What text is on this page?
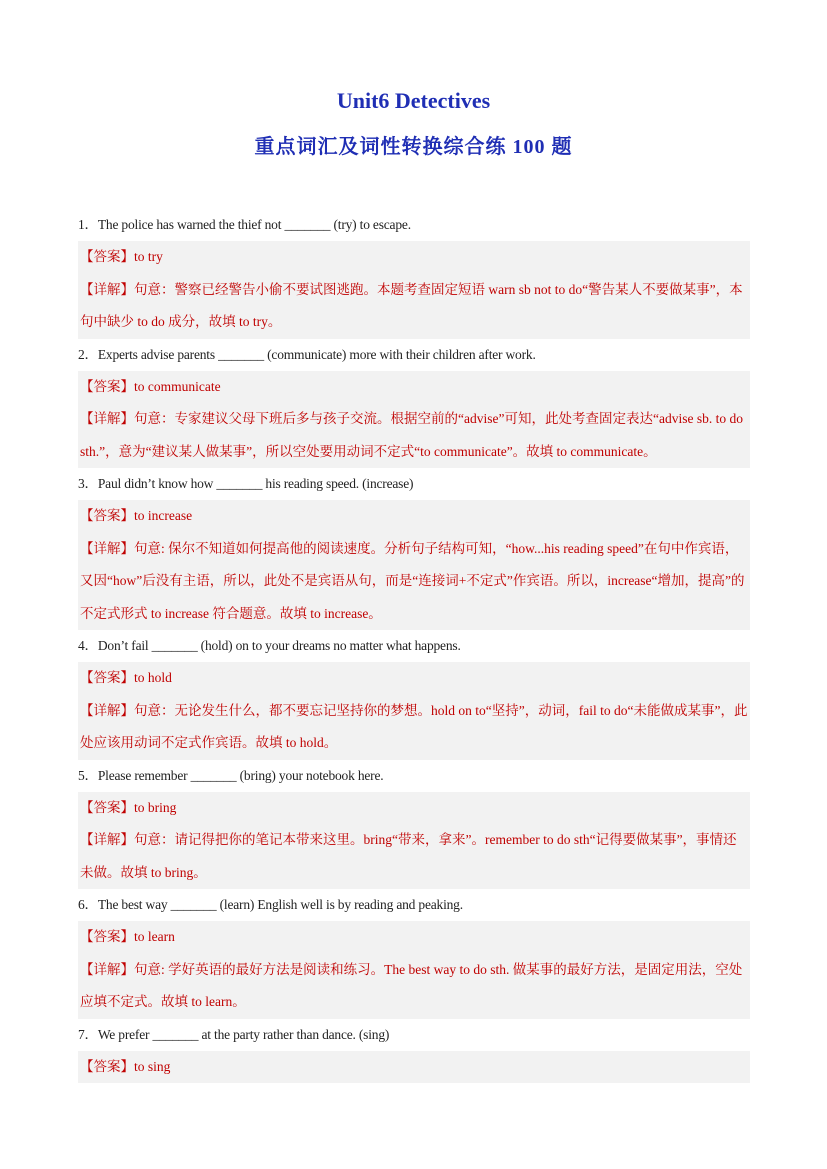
Unit6 Detectives
重点词汇及词性转换综合练 100 题
1．The police has warned the thief not _______ (try) to escape.
【答案】to try
【详解】句意：警察已经警告小偷不要试图逃跑。本题考查固定短语 warn sb not to do“警告某人不要做某事”，本句中缺少 to do 成分，故填 to try。
2．Experts advise parents _______ (communicate) more with their children after work.
【答案】to communicate
【详解】句意：专家建议父母下班后多与孩子交流。根据空前的“advise”可知，此处考查固定表达“advise sb. to do sth.”，意为“建议某人做某事”，所以空处要用动词不定式“to communicate”。故填 to communicate。
3．Paul didn’t know how _______ his reading speed. (increase)
【答案】to increase
【详解】句意: 保尔不知道如何提高他的阅读速度。分析句子结构可知，“how...his reading speed”在句中作宾语，又因“how”后没有主语，所以，此处不是宾语从句，而是“连接词+不定式”作宾语。所以，increase“增加，提高”的不定式形式 to increase 符合题意。故填 to increase。
4．Don’t fail _______ (hold) on to your dreams no matter what happens.
【答案】to hold
【详解】句意：无论发生什么，都不要忘记坚持你的梦想。hold on to“坚持”，动词，fail to do“未能做成某事”，此处应该用动词不定式作宾语。故填 to hold。
5．Please remember _______ (bring) your notebook here.
【答案】to bring
【详解】句意：请记得把你的笔记本带来这里。bring“带来，拿来”。remember to do sth“记得要做某事”，事情还未做。故填 to bring。
6．The best way _______ (learn) English well is by reading and peaking.
【答案】to learn
【详解】句意: 学好英语的最好方法是阅读和练习。The best way to do sth. 做某事的最好方法，是固定用法，空处应填不定式。故填 to learn。
7．We prefer _______ at the party rather than dance. (sing)
【答案】to sing
